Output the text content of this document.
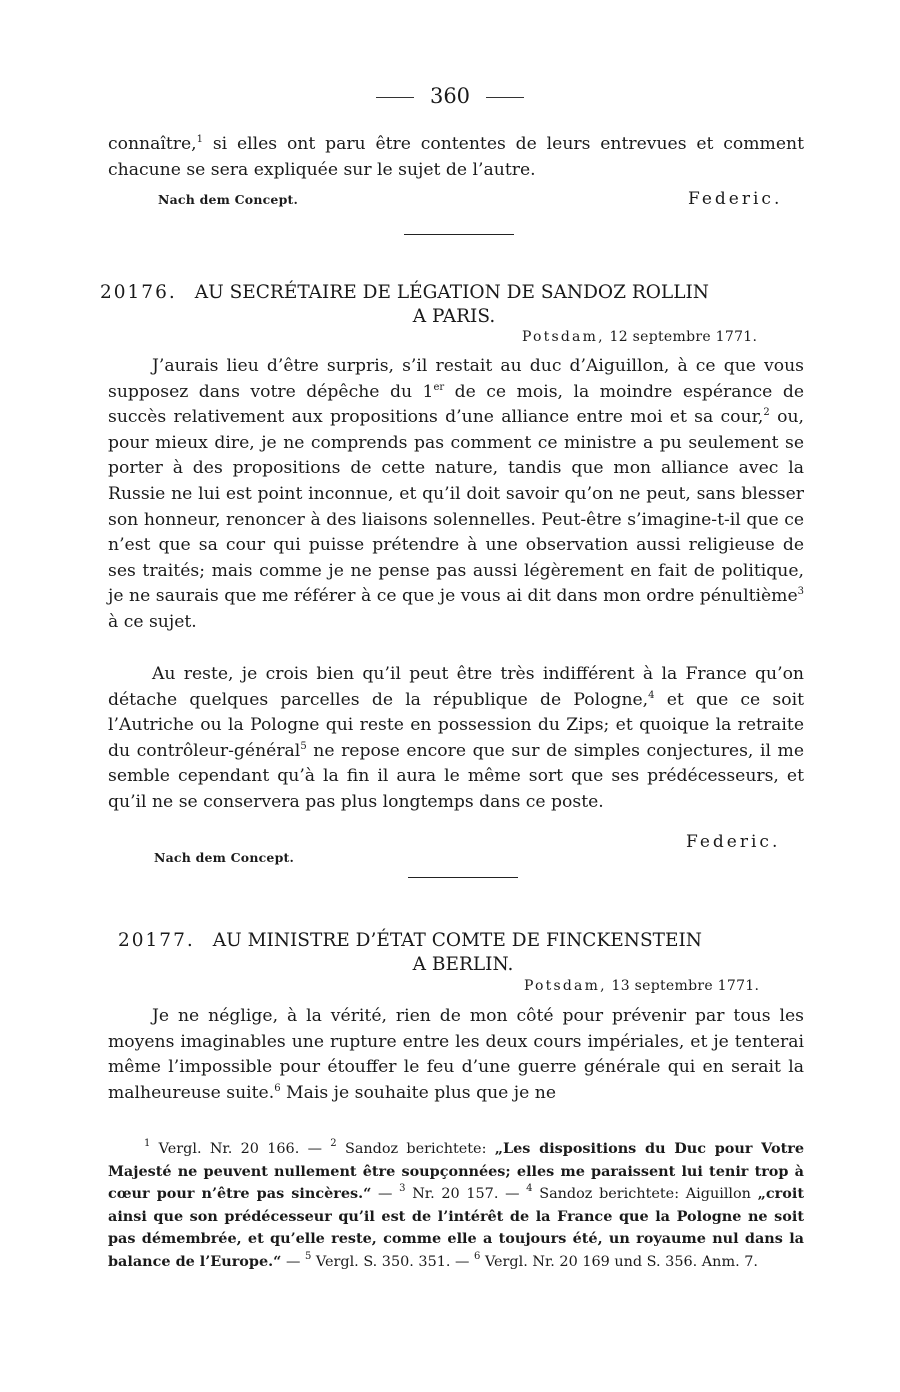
360
connaître,$^1$ si elles ont paru être contentes de leurs entrevues et comment chacune se sera expliquée sur le sujet de l’autre.
Nach dem Concept.	Federic.
20176. AU SECRÉTAIRE DE LÉGATION DE SANDOZ ROLLIN
A PARIS.
Potsdam, 12 septembre 1771.
J’aurais lieu d’être surpris, s’il restait au duc d’Aiguillon, à ce que vous supposez dans votre dépêche du 1er de ce mois, la moindre espérance de succès relativement aux propositions d’une alliance entre moi et sa cour,$^2$ ou, pour mieux dire, je ne comprends pas comment ce ministre a pu seulement se porter à des propositions de cette nature, tandis que mon alliance avec la Russie ne lui est point inconnue, et qu’il doit savoir qu’on ne peut, sans blesser son honneur, renoncer à des liaisons solennelles. Peut-être s’imagine-t-il que ce n’est que sa cour qui puisse prétendre à une observation aussi religieuse de ses traités; mais comme je ne pense pas aussi légèrement en fait de politique, je ne saurais que me référer à ce que je vous ai dit dans mon ordre pénultième$^3$ à ce sujet.
Au reste, je crois bien qu’il peut être très indifférent à la France qu’on détache quelques parcelles de la république de Pologne,$^4$ et que ce soit l’Autriche ou la Pologne qui reste en possession du Zips; et quoique la retraite du contrôleur-général$^5$ ne repose encore que sur de simples conjectures, il me semble cependant qu’à la fin il aura le même sort que ses prédécesseurs, et qu’il ne se conservera pas plus longtemps dans ce poste.
Federic.
Nach dem Concept.
20177. AU MINISTRE D’ÉTAT COMTE DE FINCKENSTEIN
A BERLIN.
Potsdam, 13 septembre 1771.
Je ne néglige, à la vérité, rien de mon côté pour prévenir par tous les moyens imaginables une rupture entre les deux cours impériales, et je tenterai même l’impossible pour étouffer le feu d’une guerre générale qui en serait la malheureuse suite.$^6$ Mais je souhaite plus que je ne
$^1$ Vergl. Nr. 20 166. — $^2$ Sandoz berichtete: „Les dispositions du Duc pour Votre Majesté ne peuvent nullement être soupçonnées; elles me paraissent lui tenir trop à cœur pour n’être pas sincères.“ — $^3$ Nr. 20 157. — $^4$ Sandoz berichtete: Aiguillon „croit ainsi que son prédécesseur qu’il est de l’intérêt de la France que la Pologne ne soit pas démembrée, et qu’elle reste, comme elle a toujours été, un royaume nul dans la balance de l’Europe.“ — $^5$ Vergl. S. 350. 351. — $^6$ Vergl. Nr. 20 169 und S. 356. Anm. 7.
